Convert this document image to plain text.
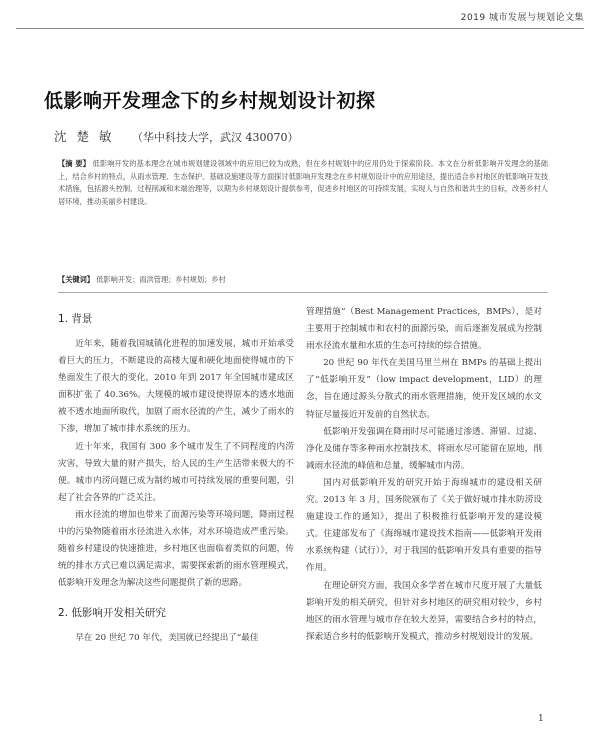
2019 城市发展与规划论文集
低影响开发理念下的乡村规划设计初探
沈 楚 敏 （华中科技大学，武汉 430070）
【摘 要】 低影响开发的基本理念在城市规划建设领域中的应用已较为成熟，但在乡村规划中的应用仍处于探索阶段。本文在分析低影响开发理念的基础上，结合乡村的特点，从雨水管理、生态保护、基础设施建设等方面探讨低影响开发理念在乡村规划设计中的应用途径，提出适合乡村地区的低影响开发技术措施，包括源头控制、过程削减和末端治理等，以期为乡村规划设计提供参考，促进乡村地区的可持续发展，实现人与自然和谐共生的目标，改善乡村人居环境，推动美丽乡村建设。
【关键词】 低影响开发；雨洪管理；乡村规划；乡村
1. 背景

近年来，随着我国城镇化进程的加速发展，城市开始承受着巨大的压力，不断建设的高楼大厦和硬化地面使得城市的下垫面发生了很大的变化，2010 年到 2017 年全国城市建成区面积扩张了 40.36%。大规模的城市建设使得原本的透水地面被不透水地面所取代，加剧了雨水径流的产生，减少了雨水的下渗，增加了城市排水系统的压力。

近十年来，我国有 300 多个城市发生了不同程度的内涝灾害，导致大量的财产损失，给人民的生产生活带来极大的不便。城市内涝问题已成为制约城市可持续发展的重要问题，引起了社会各界的广泛关注。

雨水径流的增加也带来了面源污染等环境问题，降雨过程中的污染物随着雨水径流进入水体，对水环境造成严重污染。随着乡村建设的快速推进，乡村地区也面临着类似的问题，传统的排水方式已难以满足需求，需要探索新的雨水管理模式，低影响开发理念为解决这些问题提供了新的思路。

2. 低影响开发相关研究

早在 20 世纪 70 年代，美国就已经提出了“最佳

管理措施”（Best Management Practices，BMPs），是对主要用于控制城市和农村的面源污染，而后逐渐发展成为控制雨水径流水量和水质的生态可持续的综合措施。

20 世纪 90 年代在美国马里兰州在 BMPs 的基础上提出了“低影响开发”（low impact development，LID）的理念，旨在通过源头分散式的雨水管理措施，使开发区域的水文特征尽量接近开发前的自然状态。

低影响开发强调在降雨时尽可能通过渗透、滞留、过滤、净化及储存等多种雨水控制技术，将雨水尽可能留在原地，削减雨水径流的峰值和总量，缓解城市内涝。

国内对低影响开发的研究开始于海绵城市的建设相关研究。2013 年 3 月，国务院颁布了《关于做好城市排水防涝设施建设工作的通知》，提出了积极推行低影响开发的建设模式。住建部发布了《海绵城市建设技术指南——低影响开发雨水系统构建（试行）》，对于我国的低影响开发具有重要的指导作用。

在理论研究方面，我国众多学者在城市尺度开展了大量低影响开发的相关研究，但针对乡村地区的研究相对较少，乡村地区的雨水管理与城市存在较大差异，需要结合乡村的特点，探索适合乡村的低影响开发模式，推动乡村规划设计的发展。

1
